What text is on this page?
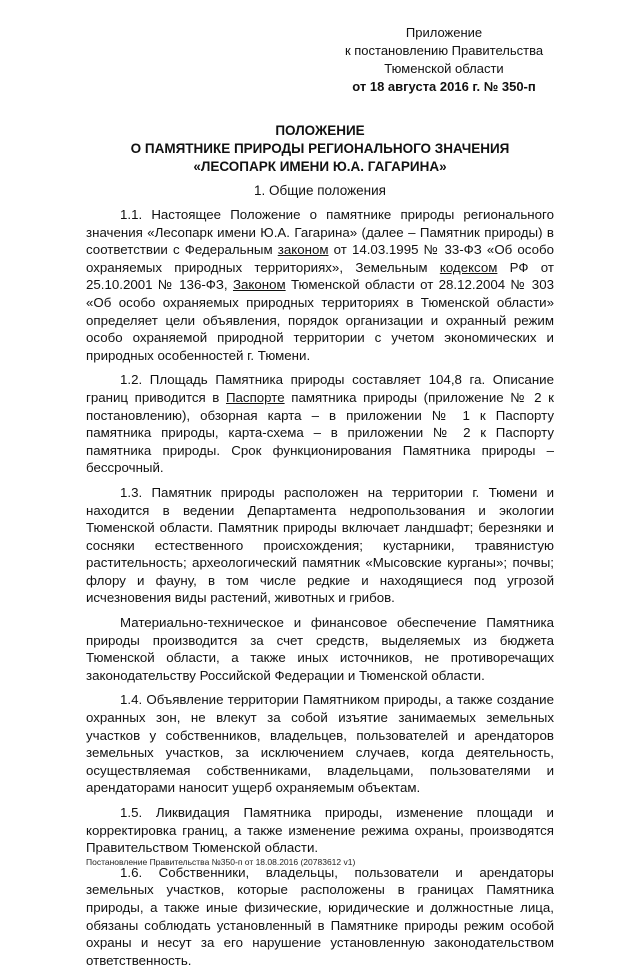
Приложение
к постановлению Правительства
Тюменской области
от 18 августа 2016 г. № 350-п
ПОЛОЖЕНИЕ
О ПАМЯТНИКЕ ПРИРОДЫ РЕГИОНАЛЬНОГО ЗНАЧЕНИЯ
«ЛЕСОПАРК ИМЕНИ Ю.А. ГАГАРИНА»
1. Общие положения

1.1. Настоящее Положение о памятнике природы регионального значения «Лесопарк имени Ю.А. Гагарина» (далее – Памятник природы) в соответствии с Федеральным законом от 14.03.1995 № 33-ФЗ «Об особо охраняемых природных территориях», Земельным кодексом РФ от 25.10.2001 № 136-ФЗ, Законом Тюменской области от 28.12.2004 № 303 «Об особо охраняемых природных территориях в Тюменской области» определяет цели объявления, порядок организации и охранный режим особо охраняемой природной территории с учетом экономических и природных особенностей г. Тюмени.

1.2. Площадь Памятника природы составляет 104,8 га. Описание границ приводится в Паспорте памятника природы (приложение № 2 к постановлению), обзорная карта – в приложении № 1 к Паспорту памятника природы, карта-схема – в приложении № 2 к Паспорту памятника природы. Срок функционирования Памятника природы – бессрочный.

1.3. Памятник природы расположен на территории г. Тюмени и находится в ведении Департамента недропользования и экологии Тюменской области. Памятник природы включает ландшафт; березняки и сосняки естественного происхождения; кустарники, травянистую растительность; археологический памятник «Мысовские курганы»; почвы; флору и фауну, в том числе редкие и находящиеся под угрозой исчезновения виды растений, животных и грибов.

Материально-техническое и финансовое обеспечение Памятника природы производится за счет средств, выделяемых из бюджета Тюменской области, а также иных источников, не противоречащих законодательству Российской Федерации и Тюменской области.

1.4. Объявление территории Памятником природы, а также создание охранных зон, не влекут за собой изъятие занимаемых земельных участков у собственников, владельцев, пользователей и арендаторов земельных участков, за исключением случаев, когда деятельность, осуществляемая собственниками, владельцами, пользователями и арендаторами наносит ущерб охраняемым объектам.

1.5. Ликвидация Памятника природы, изменение площади и корректировка границ, а также изменение режима охраны, производятся Правительством Тюменской области.

1.6. Собственники, владельцы, пользователи и арендаторы земельных участков, которые расположены в границах Памятника природы, а также иные физические, юридические и должностные лица, обязаны соблюдать установленный в Памятнике природы режим особой охраны и несут за его нарушение установленную законодательством ответственность.

Постановление Правительства №350-п от 18.08.2016 (20783612 v1)
